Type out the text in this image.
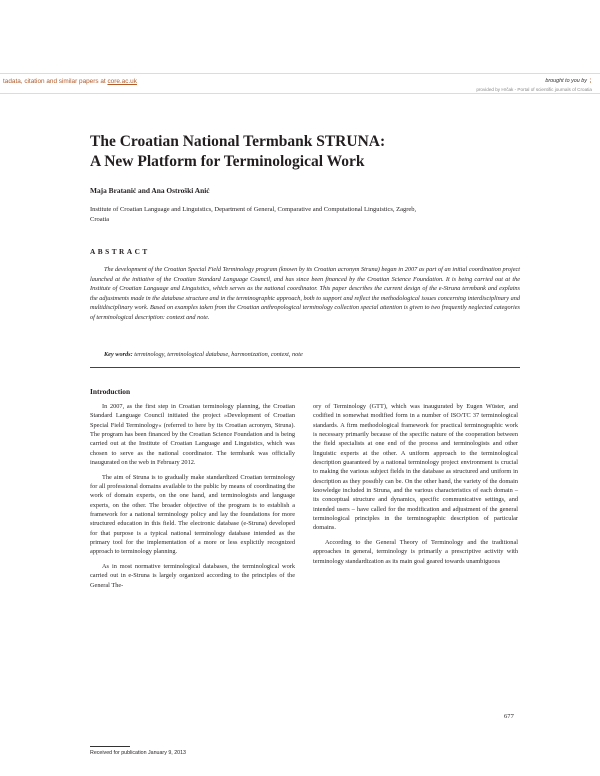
tadata, citation and similar papers at core.ac.uk	brought to you by ⁏
provided by Hrčak - Portal of scientific journals of Croatia
The Croatian National Termbank STRUNA:
A New Platform for Terminological Work
Maja Bratanić and Ana Ostroški Anić
Institute of Croatian Language and Linguistics, Department of General, Comparative and Computational Linguistics, Zagreb,
Croatia
ABSTRACT

The development of the Croatian Special Field Terminology program (known by its Croatian acronym Struna) began in 2007 as part of an initial coordination project launched at the initiative of the Croatian Standard Language Council, and has since been financed by the Croatian Science Foundation. It is being carried out at the Institute of Croatian Language and Linguistics, which serves as the national coordinator. This paper describes the current design of the e-Struna termbank and explains the adjustments made in the database structure and in the terminographic approach, both to support and reflect the methodological issues concerning interdisciplinary and multidisciplinary work. Based on examples taken from the Croatian anthropological terminology collection special attention is given to two frequently neglected categories of terminological description: context and note.

Key words: terminology, terminological database, harmonization, context, note
Introduction

In 2007, as the first step in Croatian terminology planning, the Croatian Standard Language Council initiated the project »Development of Croatian Special Field Terminology« (referred to here by its Croatian acronym, Struna). The program has been financed by the Croatian Science Foundation and is being carried out at the Institute of Croatian Language and Linguistics, which was chosen to serve as the national coordinator. The termbank was officially inaugurated on the web in February 2012.

The aim of Struna is to gradually make standardized Croatian terminology for all professional domains available to the public by means of coordinating the work of domain experts, on the one hand, and terminologists and language experts, on the other. The broader objective of the program is to establish a framework for a national terminology policy and lay the foundations for more structured education in this field. The electronic database (e-Struna) developed for that purpose is a typical national terminology database intended as the primary tool for the implementation of a more or less explicitly recognized approach to terminology planning.

As in most normative terminological databases, the terminological work carried out in e-Struna is largely organized according to the principles of the General The-

ory of Terminology (GTT), which was inaugurated by Eugen Wüster, and codified in somewhat modified form in a number of ISO/TC 37 terminological standards. A firm methodological framework for practical terminographic work is necessary primarily because of the specific nature of the cooperation between the field specialists at one end of the process and terminologists and other linguistic experts at the other. A uniform approach to the terminological description guaranteed by a national terminology project environment is crucial to making the various subject fields in the database as structured and uniform in description as they possibly can be. On the other hand, the variety of the domain knowledge included in Struna, and the various characteristics of each domain – its conceptual structure and dynamics, specific communicative settings, and intended users – have called for the modification and adjustment of the general terminological principles in the terminographic description of particular domains.

According to the General Theory of Terminology and the traditional approaches in general, terminology is primarily a prescriptive activity with terminology standardization as its main goal geared towards unambiguous

Received for publication January 9, 2013
677
